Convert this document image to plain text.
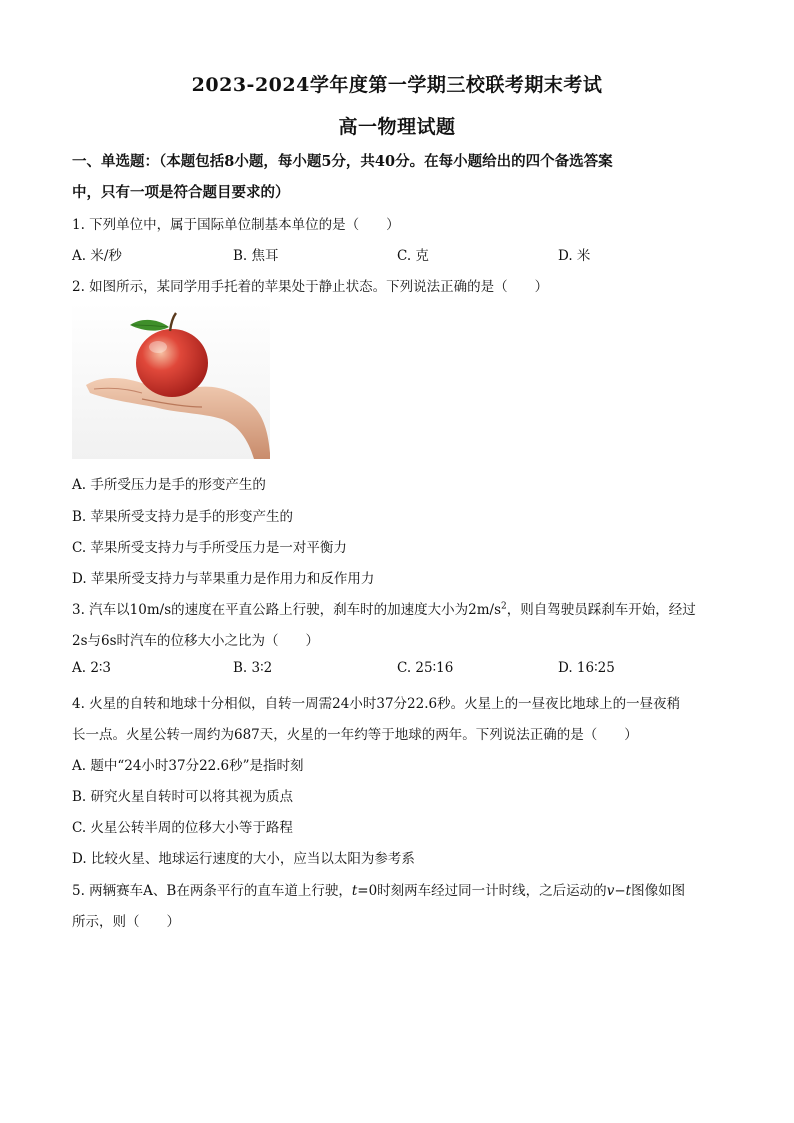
2023-2024学年度第一学期三校联考期末考试
高一物理试题
一、单选题：（本题包括8小题，每小题5分，共40分。在每小题给出的四个备选答案
中，只有一项是符合题目要求的）
1. 下列单位中，属于国际单位制基本单位的是（　　）
A. 米/秒	B. 焦耳	C. 克	D. 米
2. 如图所示，某同学用手托着的苹果处于静止状态。下列说法正确的是（　　）
A. 手所受压力是手的形变产生的
B. 苹果所受支持力是手的形变产生的
C. 苹果所受支持力与手所受压力是一对平衡力
D. 苹果所受支持力与苹果重力是作用力和反作用力
3. 汽车以10m/s的速度在平直公路上行驶，刹车时的加速度大小为$2m/s^2$，则自驾驶员踩刹车开始，经过
2s与6s时汽车的位移大小之比为（　　）
A. 2∶3	B. 3∶2	C. 25∶16	D. 16∶25
4. 火星的自转和地球十分相似，自转一周需24小时37分22.6秒。火星上的一昼夜比地球上的一昼夜稍
长一点。火星公转一周约为687天，火星的一年约等于地球的两年。下列说法正确的是（　　）
A. 题中“24小时37分22.6秒”是指时刻
B. 研究火星自转时可以将其视为质点
C. 火星公转半周的位移大小等于路程
D. 比较火星、地球运行速度的大小，应当以太阳为参考系
5. 两辆赛车A、B在两条平行的直车道上行驶，t=0时刻两车经过同一计时线，之后运动的v−t图像如图
所示，则（　　）
